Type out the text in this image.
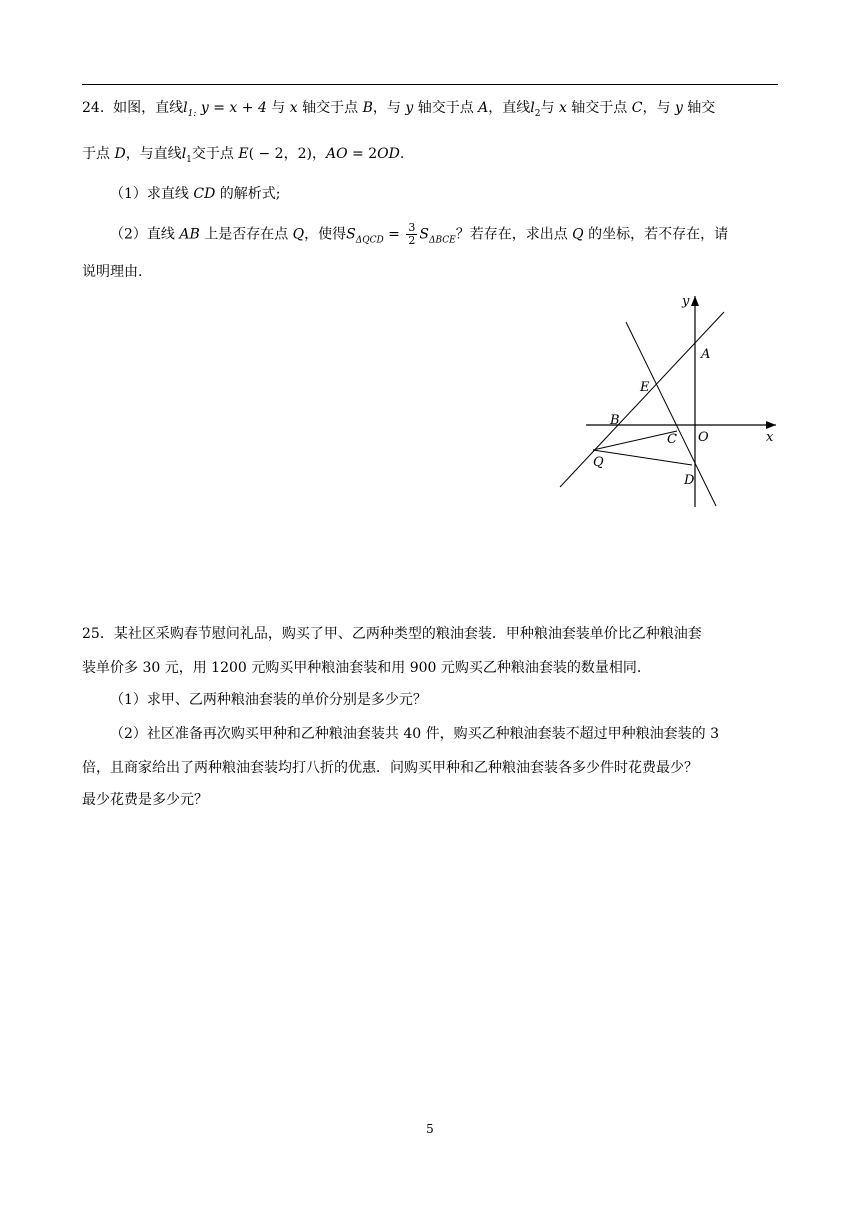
24.  如图，直线$l_{1:}$ y = x + 4 与 x 轴交于点 B，与 y 轴交于点 A，直线$l_2$与 x 轴交于点 C，与 y 轴交
于点 D，与直线$l_1$交于点 E( − 2，2)，AO = 2OD.
（1）求直线 CD 的解析式;
（2）直线 AB 上是否存在点 Q，使得$S_{\Delta QCD} = \frac{3}{2} S_{\Delta BCE}$？若存在，求出点 Q 的坐标，若不存在，请
说明理由.
y
x
A
E
B
C O
Q
D
25．某社区采购春节慰问礼品，购买了甲、乙两种类型的粮油套装．甲种粮油套装单价比乙种粮油套
装单价多 30 元，用 1200 元购买甲种粮油套装和用 900 元购买乙种粮油套装的数量相同.
（1）求甲、乙两种粮油套装的单价分别是多少元？
（2）社区准备再次购买甲种和乙种粮油套装共 40 件，购买乙种粮油套装不超过甲种粮油套装的 3
倍，且商家给出了两种粮油套装均打八折的优惠．问购买甲种和乙种粮油套装各多少件时花费最少？
最少花费是多少元？
5
